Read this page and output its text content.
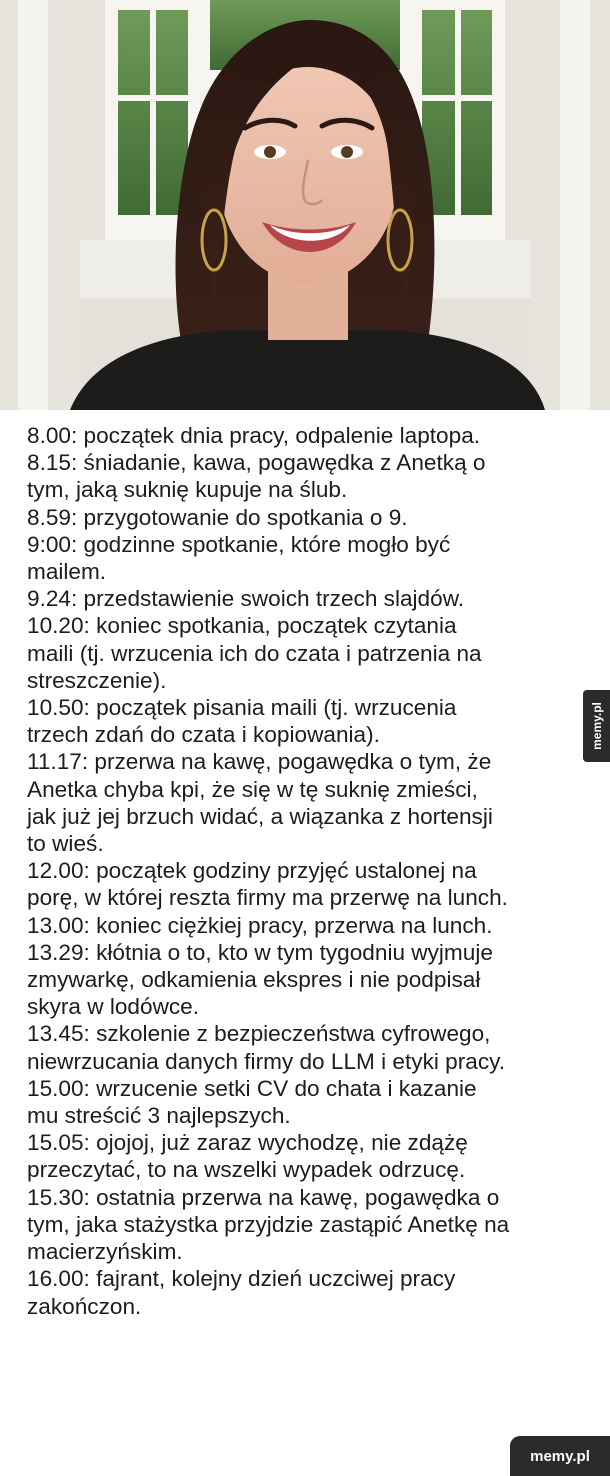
8.00: początek dnia pracy, odpalenie laptopa.
8.15: śniadanie, kawa, pogawędka z Anetką o
tym, jaką suknię kupuje na ślub.
8.59: przygotowanie do spotkania o 9.
9:00: godzinne spotkanie, które mogło być
mailem.
9.24: przedstawienie swoich trzech slajdów.
10.20: koniec spotkania, początek czytania
maili (tj. wrzucenia ich do czata i patrzenia na
streszczenie).
10.50: początek pisania maili (tj. wrzucenia
trzech zdań do czata i kopiowania).
11.17: przerwa na kawę, pogawędka o tym, że
Anetka chyba kpi, że się w tę suknię zmieści,
jak już jej brzuch widać, a wiązanka z hortensji
to wieś.
12.00: początek godziny przyjęć ustalonej na
porę, w której reszta firmy ma przerwę na lunch.
13.00: koniec ciężkiej pracy, przerwa na lunch.
13.29: kłótnia o to, kto w tym tygodniu wyjmuje
zmywarkę, odkamienia ekspres i nie podpisał
skyra w lodówce.
13.45: szkolenie z bezpieczeństwa cyfrowego,
niewrzucania danych firmy do LLM i etyki pracy.
15.00: wrzucenie setki CV do chata i kazanie
mu streścić 3 najlepszych.
15.05: ojojoj, już zaraz wychodzę, nie zdążę
przeczytać, to na wszelki wypadek odrzucę.
15.30: ostatnia przerwa na kawę, pogawędka o
tym, jaka stażystka przyjdzie zastąpić Anetkę na
macierzyńskim.
16.00: fajrant, kolejny dzień uczciwej pracy
zakończon.
memy.pl
memy.pl
